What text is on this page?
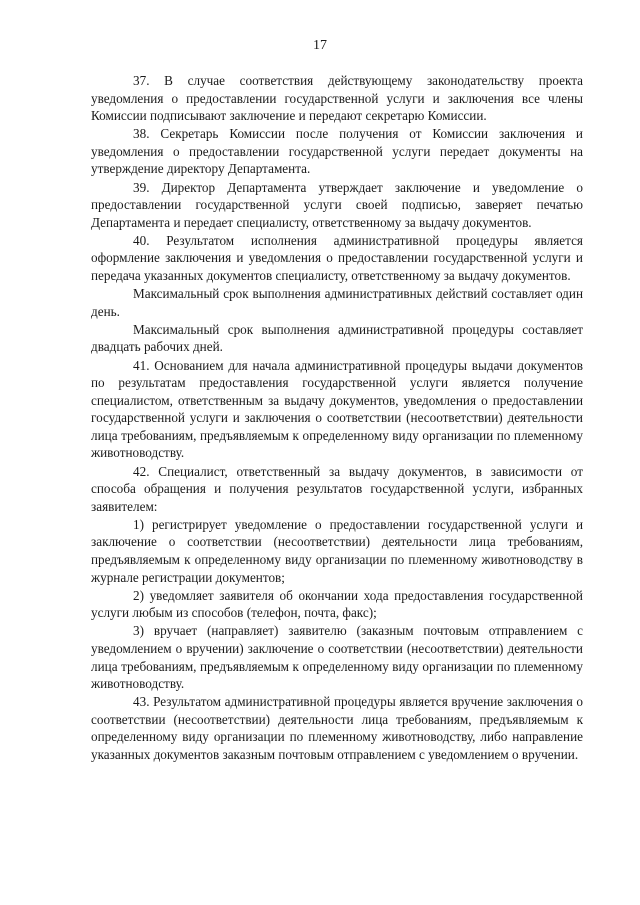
17

37. В случае соответствия действующему законодательству проекта уведомления о предоставлении государственной услуги и заключения все члены Комиссии подписывают заключение и передают секретарю Комиссии.

38. Секретарь Комиссии после получения от Комиссии заключения и уведомления о предоставлении государственной услуги передает документы на утверждение директору Департамента.

39. Директор Департамента утверждает заключение и уведомление о предоставлении государственной услуги своей подписью, заверяет печатью Департамента и передает специалисту, ответственному за выдачу документов.

40. Результатом исполнения административной процедуры является оформление заключения и уведомления о предоставлении государственной услуги и передача указанных документов специалисту, ответственному за выдачу документов.

Максимальный срок выполнения административных действий составляет один день.

Максимальный срок выполнения административной процедуры составляет двадцать рабочих дней.

41. Основанием для начала административной процедуры выдачи документов по результатам предоставления государственной услуги является получение специалистом, ответственным за выдачу документов, уведомления о предоставлении государственной услуги и заключения о соответствии (несоответствии) деятельности лица требованиям, предъявляемым к определенному виду организации по племенному животноводству.

42. Специалист, ответственный за выдачу документов, в зависимости от способа обращения и получения результатов государственной услуги, избранных заявителем:

1) регистрирует уведомление о предоставлении государственной услуги и заключение о соответствии (несоответствии) деятельности лица требованиям, предъявляемым к определенному виду организации по племенному животноводству в журнале регистрации документов;

2) уведомляет заявителя об окончании хода предоставления государственной услуги любым из способов (телефон, почта, факс);

3) вручает (направляет) заявителю (заказным почтовым отправлением с уведомлением о вручении) заключение о соответствии (несоответствии) деятельности лица требованиям, предъявляемым к определенному виду организации по племенному животноводству.

43. Результатом административной процедуры является вручение заключения о соответствии (несоответствии) деятельности лица требованиям, предъявляемым к определенному виду организации по племенному животноводству, либо направление указанных документов заказным почтовым отправлением с уведомлением о вручении.
